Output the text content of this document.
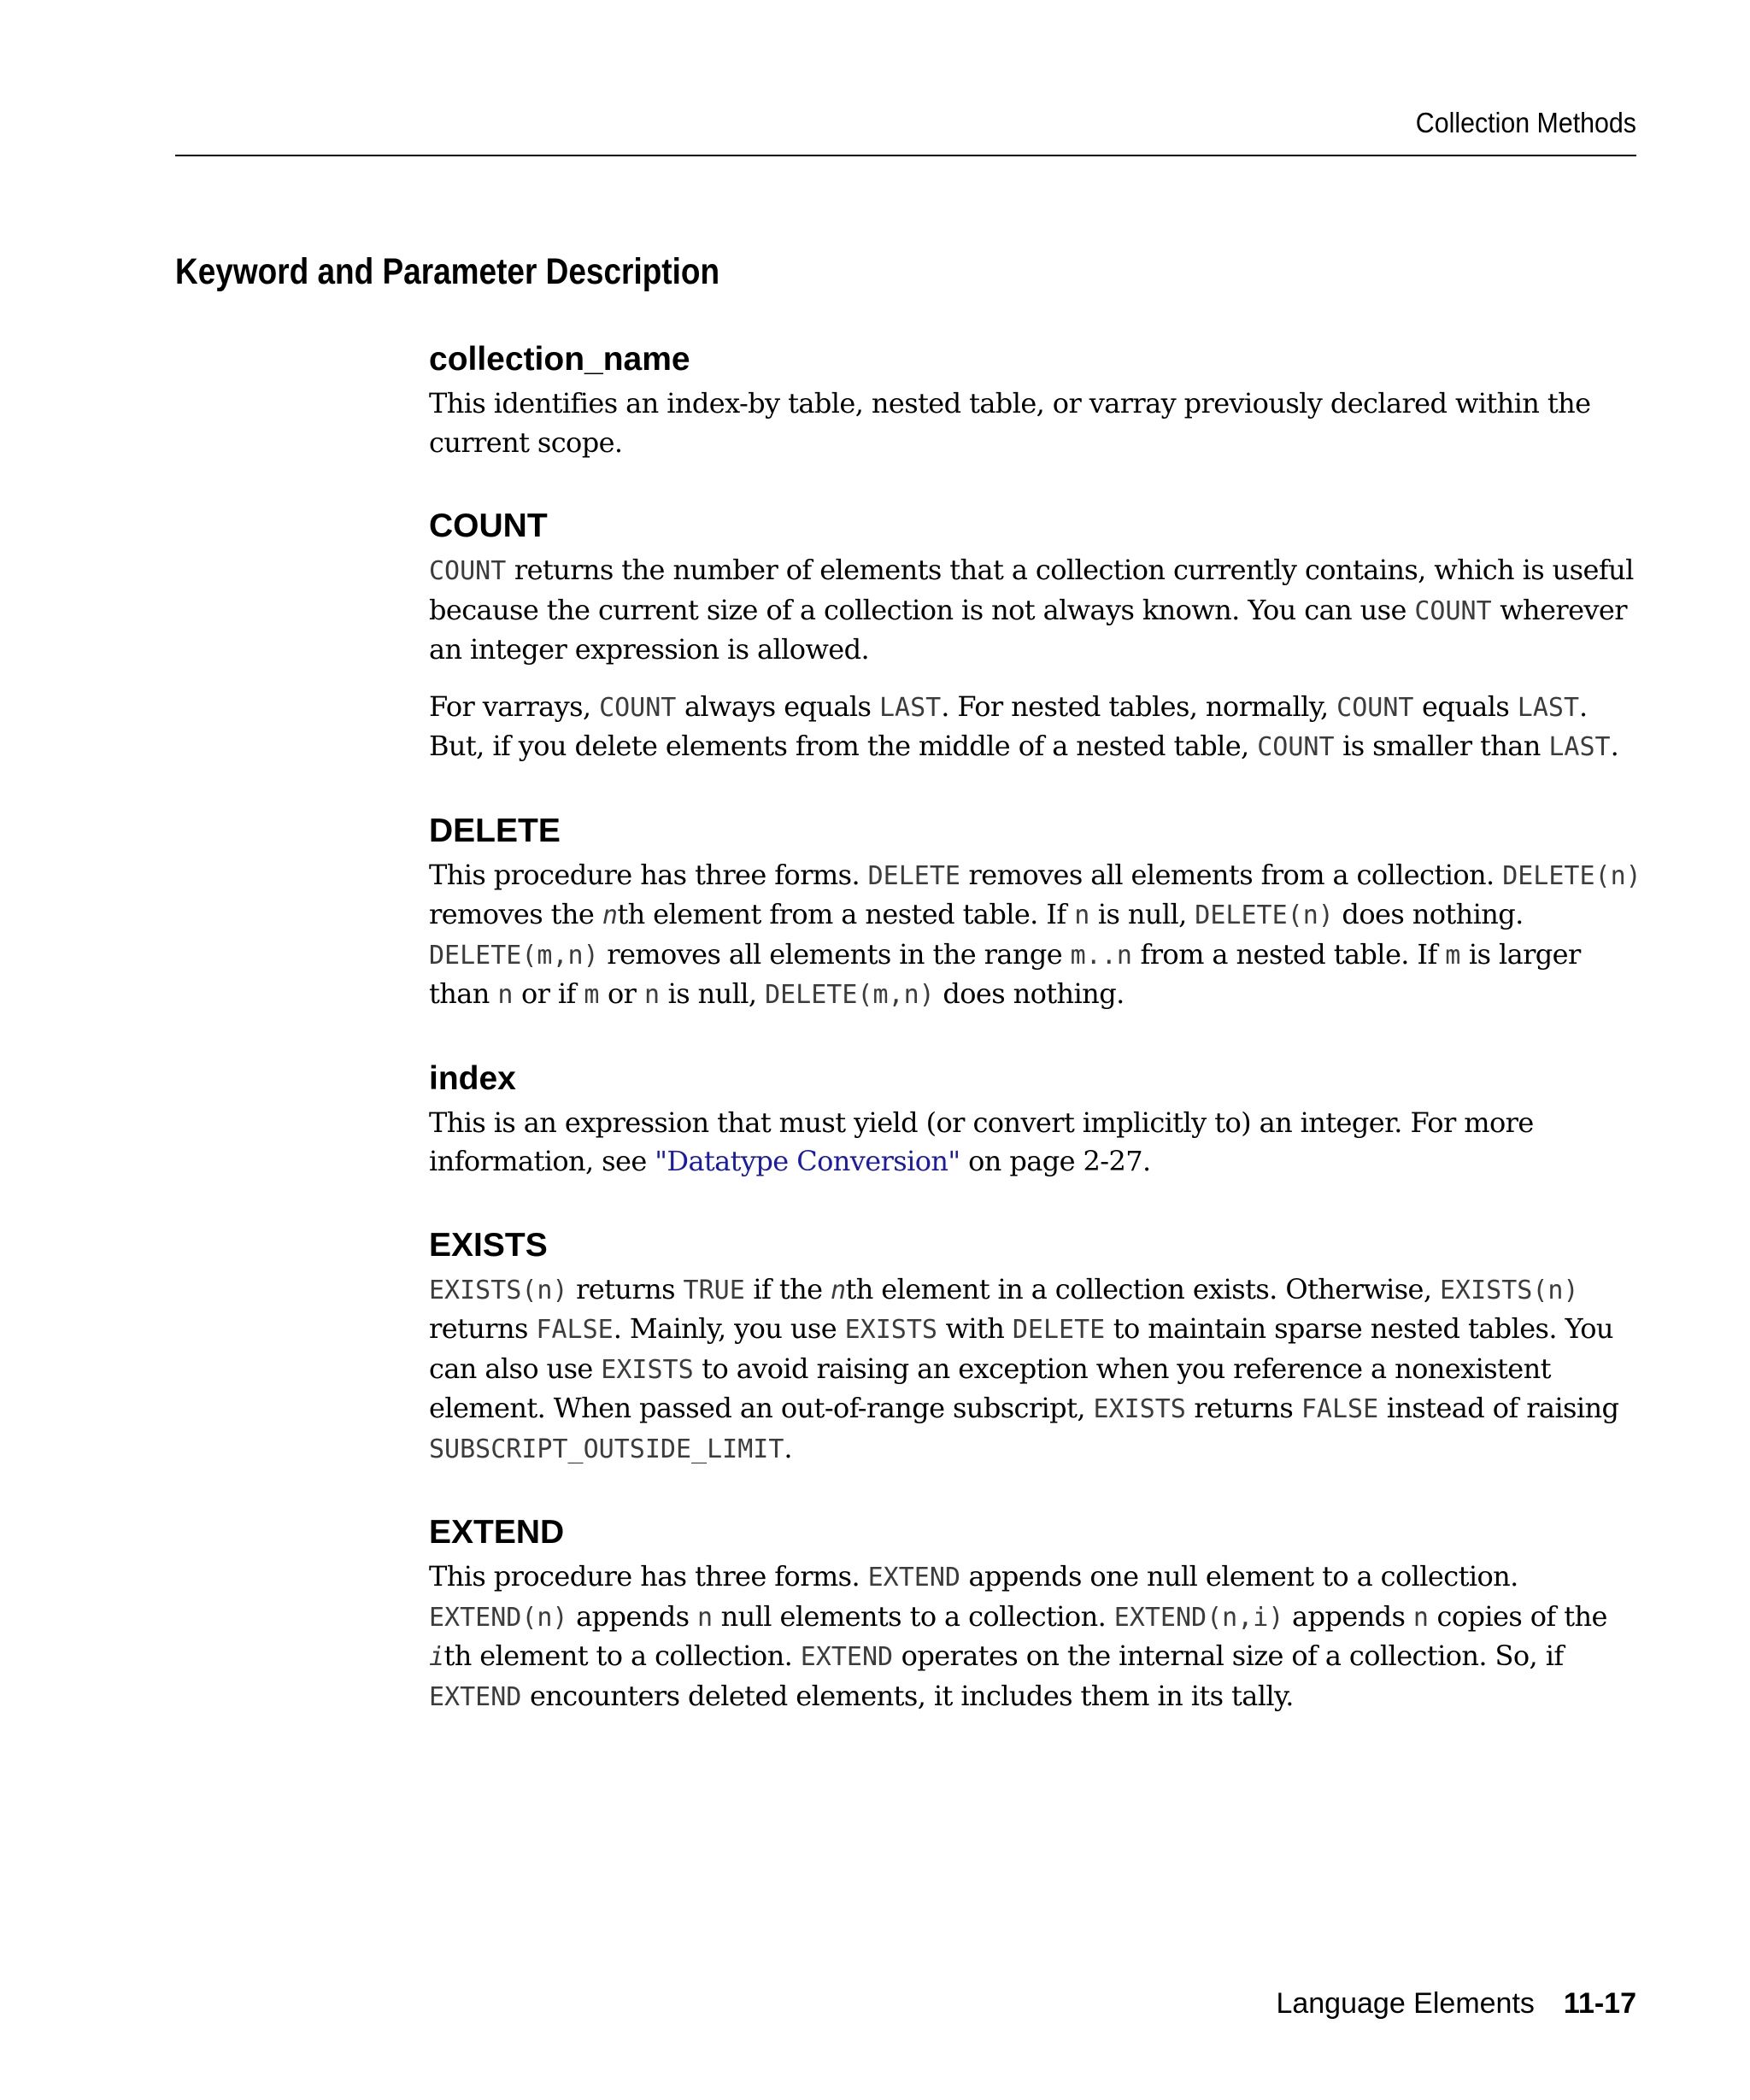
Collection Methods
Keyword and Parameter Description
collection_name

This identifies an index-by table, nested table, or varray previously declared within the current scope.

COUNT

COUNT returns the number of elements that a collection currently contains, which is useful because the current size of a collection is not always known. You can use COUNT wherever an integer expression is allowed.

For varrays, COUNT always equals LAST. For nested tables, normally, COUNT equals LAST. But, if you delete elements from the middle of a nested table, COUNT is smaller than LAST.

DELETE

This procedure has three forms. DELETE removes all elements from a collection. DELETE(n) removes the nth element from a nested table. If n is null, DELETE(n) does nothing. DELETE(m,n) removes all elements in the range m..n from a nested table. If m is larger than n or if m or n is null, DELETE(m,n) does nothing.

index

This is an expression that must yield (or convert implicitly to) an integer. For more information, see "Datatype Conversion" on page 2-27.

EXISTS

EXISTS(n) returns TRUE if the nth element in a collection exists. Otherwise, EXISTS(n) returns FALSE. Mainly, you use EXISTS with DELETE to maintain sparse nested tables. You can also use EXISTS to avoid raising an exception when you reference a nonexistent element. When passed an out-of-range subscript, EXISTS returns FALSE instead of raising SUBSCRIPT_OUTSIDE_LIMIT.

EXTEND

This procedure has three forms. EXTEND appends one null element to a collection. EXTEND(n) appends n null elements to a collection. EXTEND(n,i) appends n copies of the ith element to a collection. EXTEND operates on the internal size of a collection. So, if EXTEND encounters deleted elements, it includes them in its tally.

Language Elements 11-17
